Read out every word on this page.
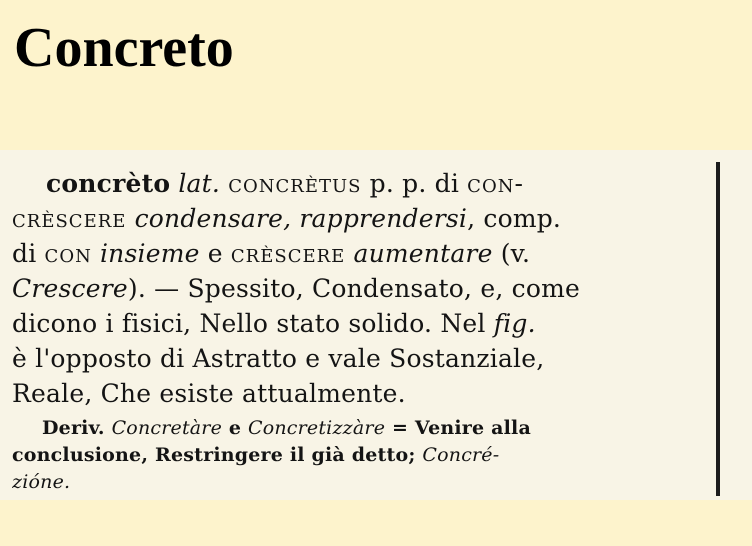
Concreto
concrèto lat. concrètus p. p. di con-
crèscere condensare, rapprendersi, comp.
di con insieme e crèscere aumentare (v.
Crescere). — Spessito, Condensato, e, come
dicono i fisici, Nello stato solido. Nel fig.
è l'opposto di Astratto e vale Sostanziale,
Reale, Che esiste attualmente.
Deriv. Concretàre e Concretizzàre = Venire alla
conclusione, Restringere il già detto; Concré-
zióne.
